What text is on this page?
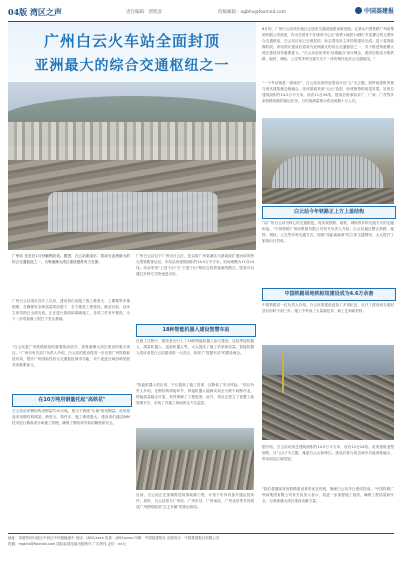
04版 湾区之声	责任编辑：郭凯彦	投稿邮箱：xgbhs@foxmail.com	中国基建报
广州白云火车站全面封顶
亚洲最大的综合交通枢纽之一
8月初，广州白云站所在地区正迎来交通设施建设新进展。记者从中国铁路广州局集团有限公司获悉，作为全国首个在城市中心区"高铁+地铁+城轨"多层叠合的大型综合交通枢纽，白云站目前已全面封顶，标志着站房主体结构建设完成，进入装饰装修阶段。该站预计建成后将成为亚洲最大的综合交通枢纽之一，对于推进粤港澳大湾区建设具有重要意义。"白云站站房采用'站城融合'设计理念，建成后将成为集铁路、地铁、城轨、公交等多种交通方式于一体的现代化综合交通枢纽。"
"一个车站就是一座城市"，白云站站房的造型设计以"云"为主题，将岭南建筑风格与现代建筑理念相融合，站房屋面采用"云山"造型，形成独特的视觉效果。站房总建筑面积约14.5万平方米，设有11台24线，建成后将承担京广、广深、广茂等多条铁路线路的客运任务，日均客流量预计将达到数十万人次。
白云站今年铁路正上方上盖结构
"以广州白云站为核心的交通枢纽，将实现铁路、地铁、城轨等多种交通方式的无缝衔接。"中国铁路广州局集团有限公司有关负责人介绍，白云站通过整合铁路、地铁、城轨、公交等多种交通方式，构建"零距离换乘"的立体交通网络，大大提升了旅客出行效率。
中国铁路局地铁枢纽建设成为4.6万余套
中国铁路局一位负责人介绍，白云站的建设创造了多项纪录，从开工建设到全面封顶仅用时不到三年，施工中采用了大量新技术、新工艺和新材料。
据介绍，白云站站房总建筑面积约14.5万平方米，设有11台24线。站房建筑造型独特，以"云山"为主题，寓意白云山和珠江。建成后将与周边城市功能深度融合，带动周边区域发展。
"我们将继续发扬铁路建设者的优良传统，确保白云站早日建成投用。"中国铁路广州局集团有限公司有关负责人表示，将进一步加强施工组织，确保工程质量和安全，为粤港澳大湾区建设贡献力量。
广州站 先后在1月份顺利封顶。据悉，白云站建成后，将成为亚洲最大的综合交通枢纽之一，为粤港澳大湾区建设提供有力支撑。
广州白云站项目自开工以来，建设者们克服了施工难度大、工期紧等多重困难，在确保安全和质量的前提下，全力推进工程建设。截至目前，站房主体结构已全面完成，正在进行屋面和幕墙施工，各项工作有序推进，为下一步的装修工程打下坚实基础。
"白云站是广州铁路枢纽的重要组成部分，是粤港澳大湾区建设的重点项目。"广州市有关部门负责人介绍，白云站的建设将进一步完善广州铁路枢纽布局，提升广州国际性综合交通枢纽城市功能，对于促进区域协调发展具有重要意义。
在10万吨用钢量托起"高铁花"
白云站站房钢结构用钢量约10万吨，相当于两座"鸟巢"的用钢量。站房屋盖采用钢结构网架，跨度大、构件多，施工难度极大。建设者们通过BIM技术进行精准设计和施工管理，确保了钢结构安装的精度和安全。
广州白云站位于广州市白云区，是以原广州棠溪站为基础改扩建而成的特大型铁路客运站。车站站房建筑面积约14.5万平方米，站场规模为11台24线。站房采用"上进下出"与"下进下出"相结合的旅客流线模式，旅客可以通过多种方式快速进出站。
18种智能机器人建设智慧车站
在施工过程中，建设者们引入了18种智能机器人参与建设，包括焊接机器人、测量机器人、巡检机器人等，大大提高了施工效率和质量。智能机器人的应用是白云站建设的一大亮点，体现了"智慧车站"的建设理念。
"智能机器人的应用，不仅提高了施工效率，还降低了安全风险。"项目负责人介绍，在钢结构焊接环节，焊接机器人能够实现全天候不间断作业，焊接质量稳定可靠，有效保障了工程进度。此外，项目还建立了智慧工地管理平台，实现了对施工现场的全方位监控。
目前，白云站正在加紧推进装饰装修工程，计划于年内具备开通运营条件。届时，白云站将与广州站、广州东站、广州南站、广州北站等共同构成广州铁路枢纽"五主多辅"的客运格局。
地址：香港特别行政区中西区中环德辅道中 电话：(852)xxxx 传真：(852)xxxx 印刷：中国基建报社 出版发行：中国基建报社有限公司
投稿：mpbhs@foxmail.com 国际标准连续出版物号 广告热线 定价：xx元
